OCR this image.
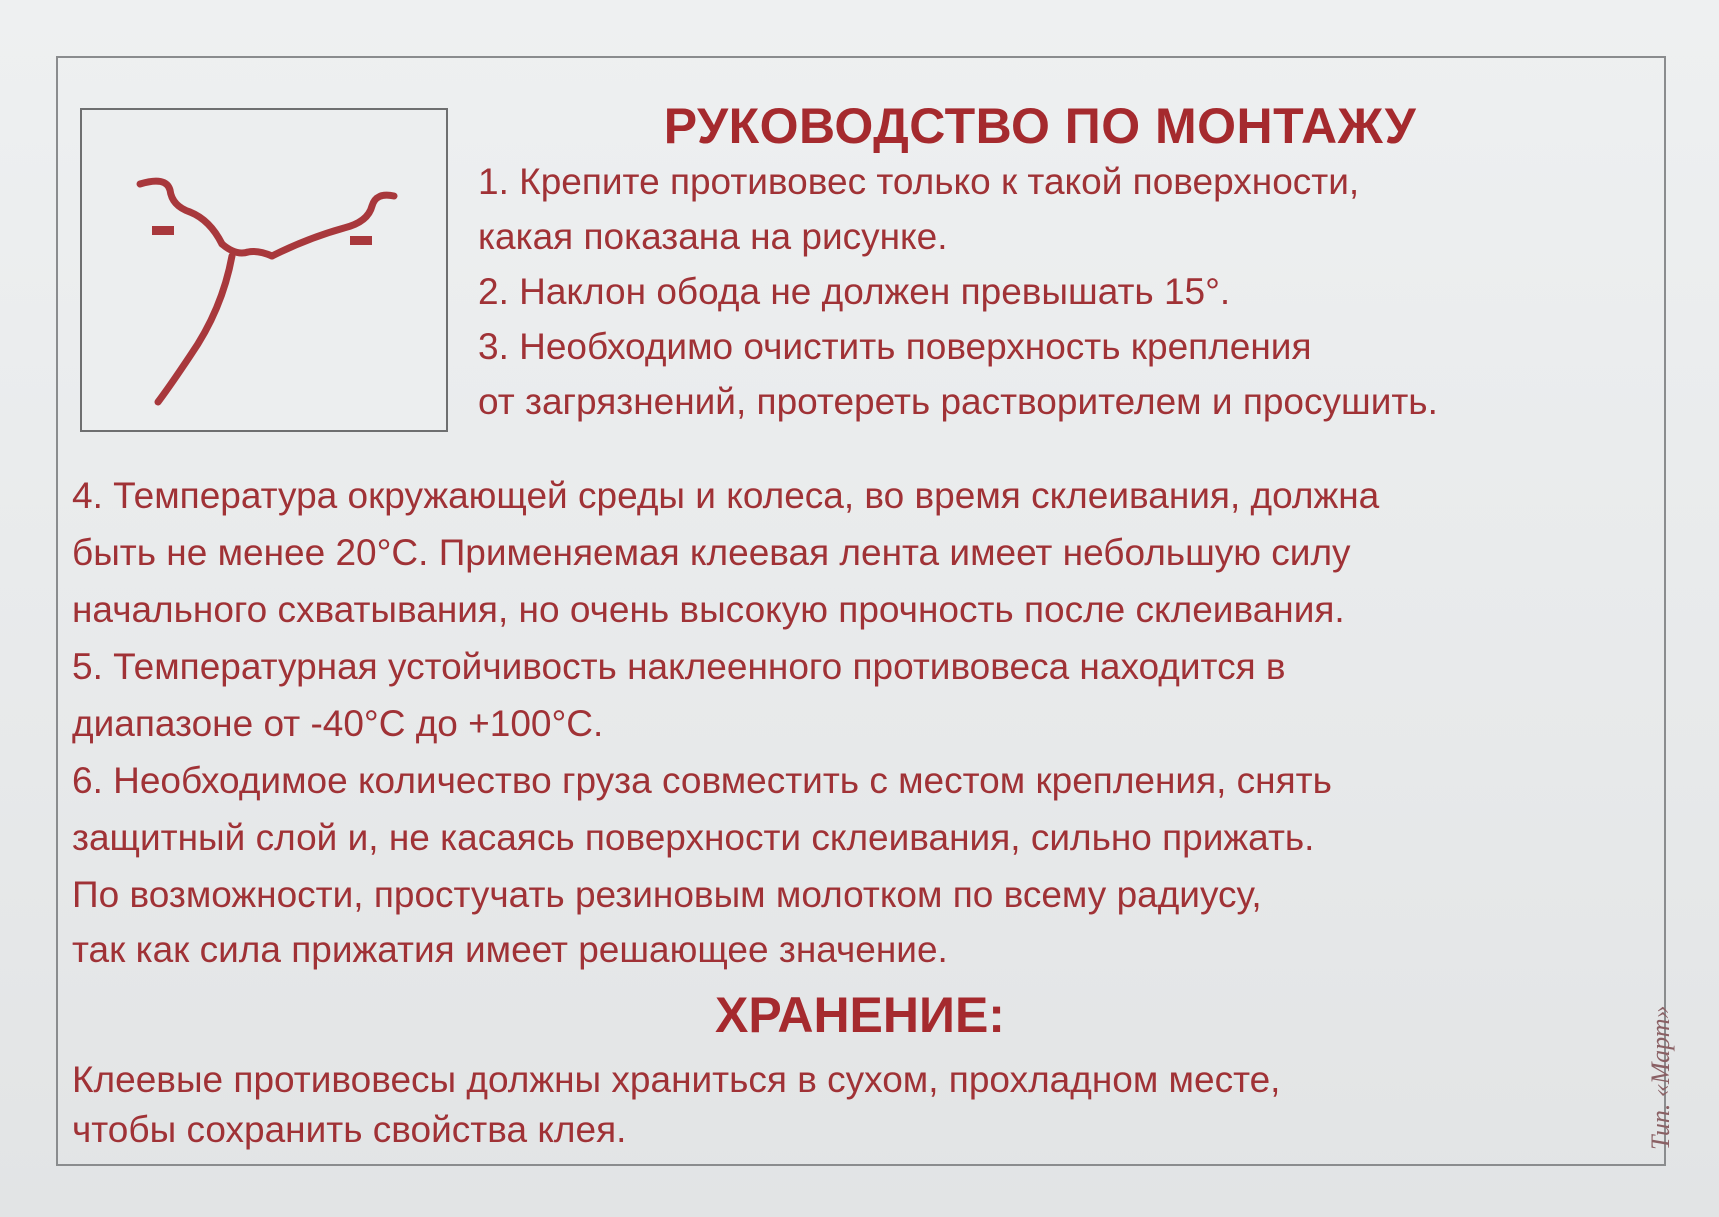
РУКОВОДСТВО ПО МОНТАЖУ

1. Крепите противовес только к такой поверхности,

какая показана на рисунке.

2. Наклон обода не должен превышать 15°.

3. Необходимо очистить поверхность крепления

от загрязнений, протереть растворителем и просушить.

4. Температура окружающей среды и колеса, во время склеивания, должна

быть не менее 20°С. Применяемая клеевая лента имеет небольшую силу

начального схватывания, но очень высокую прочность после склеивания.

5. Температурная устойчивость наклеенного противовеса находится в

диапазоне от -40°С до +100°С.

6. Необходимое количество груза совместить с местом крепления, снять

защитный слой и, не касаясь поверхности склеивания, сильно прижать.

По возможности, простучать резиновым молотком по всему радиусу,

так как сила прижатия имеет решающее значение.

ХРАНЕНИЕ:

Клеевые противовесы должны храниться в сухом, прохладном месте,

чтобы сохранить свойства клея.	Тип. «Март»
